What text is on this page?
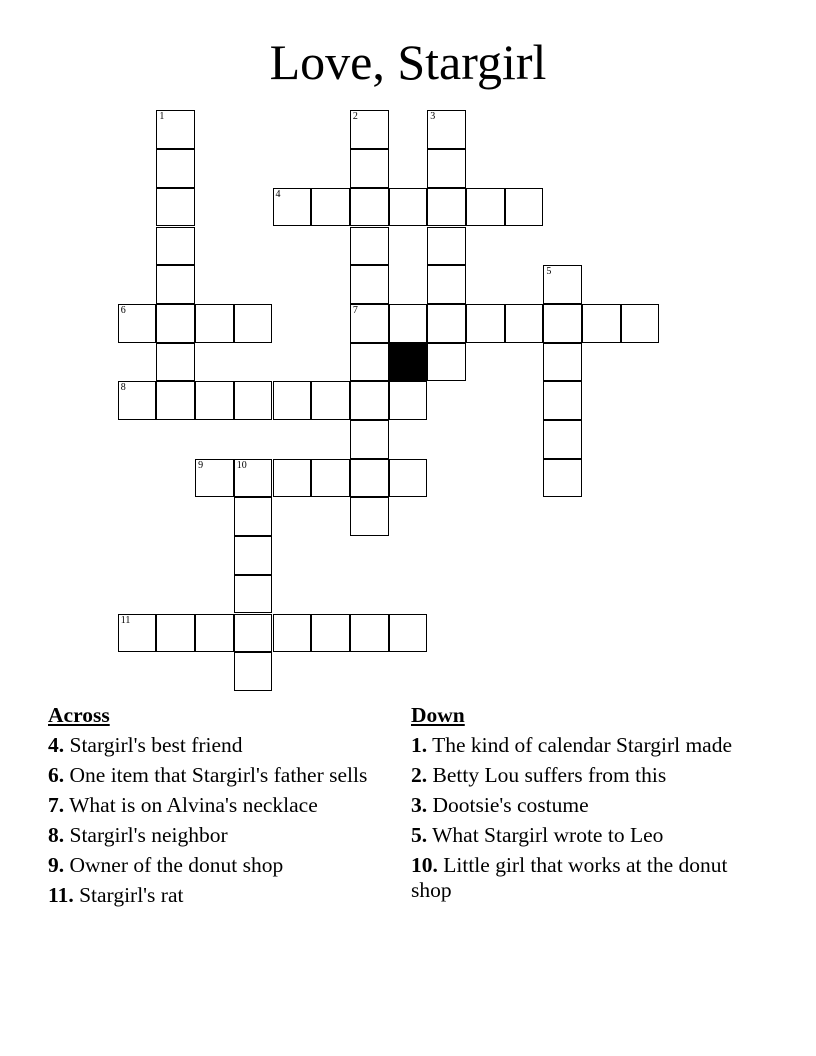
Love, Stargirl
1	2	3
4
5
6	7
8
9	10
11
Across
4. Stargirl's best friend
6. One item that Stargirl's father sells
7. What is on Alvina's necklace
8. Stargirl's neighbor
9. Owner of the donut shop
11. Stargirl's rat
Down
1. The kind of calendar Stargirl made
2. Betty Lou suffers from this
3. Dootsie's costume
5. What Stargirl wrote to Leo
10. Little girl that works at the donut shop
